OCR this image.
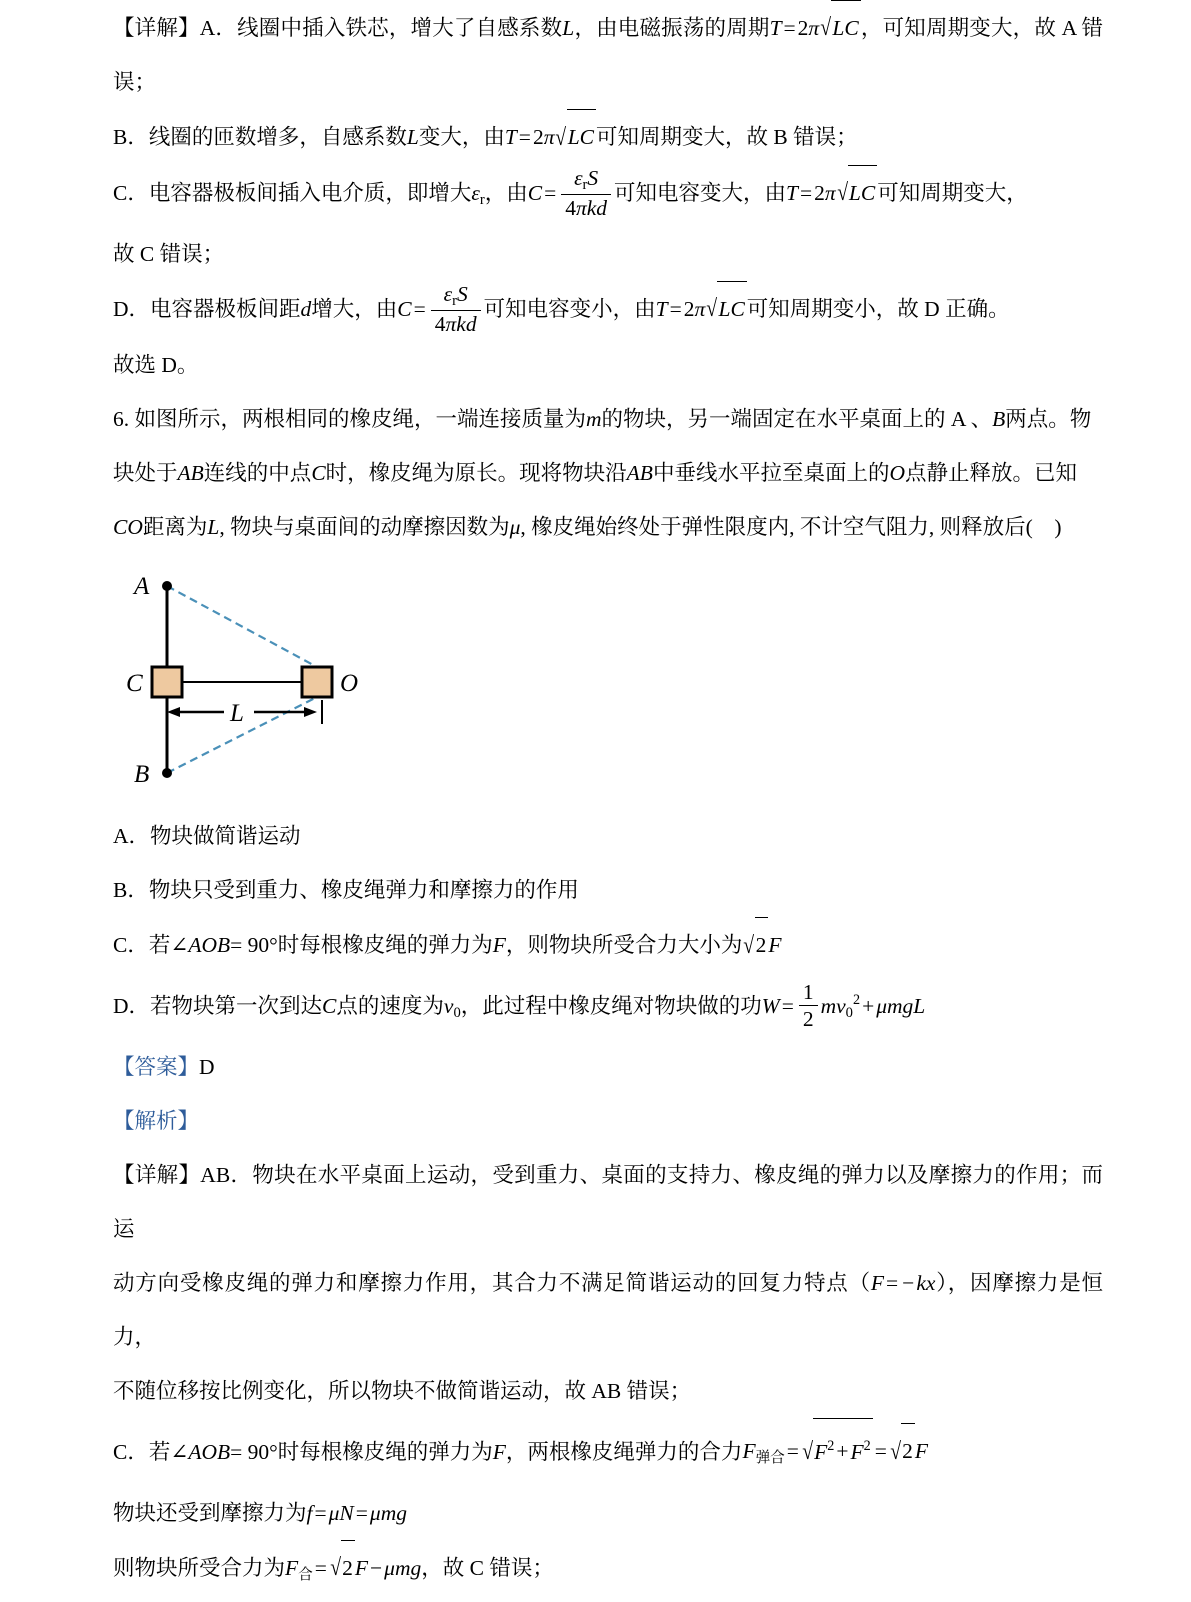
【详解】A．线圈中插入铁芯，增大了自感系数L，由电磁振荡的周期T=2π√LC，可知周期变大，故 A 错误；

B．线圈的匝数增多，自感系数L变大，由T=2π√LC可知周期变大，故 B 错误；

C．电容器极板间插入电介质，即增大$\varepsilon_r$，由$C= \frac{\varepsilon_rS}{\text{4πkd}}$ 可知电容变大，由T=2π√LC可知周期变大，

故 C 错误；

D．电容器极板间距d增大，由$C= \frac{\varepsilon_rS}{\text{4πkd}}$ 可知电容变小，由T=2π√LC可知周期变小，故 D 正确。

故选 D。

6. 如图所示，两根相同的橡皮绳，一端连接质量为m的物块，另一端固定在水平桌面上的 A 、B两点。物

块处于AB连线的中点C时，橡皮绳为原长。现将物块沿AB中垂线水平拉至桌面上的O点静止释放。已知

CO距离为L, 物块与桌面间的动摩擦因数为μ, 橡皮绳始终处于弹性限度内, 不计空气阻力, 则释放后( )

A
B
C	O
L

A．物块做简谐运动

B．物块只受到重力、橡皮绳弹力和摩擦力的作用

C．若∠AOB= 90°时每根橡皮绳的弹力为F，则物块所受合力大小为√2F

D．若物块第一次到达C点的速度为$v_0$，此过程中橡皮绳对物块做的功$W= \frac{1}{2} mv_0^2+\mu mgL$

【答案】D

【解析】

【详解】AB．物块在水平桌面上运动，受到重力、桌面的支持力、橡皮绳的弹力以及摩擦力的作用；而运

动方向受橡皮绳的弹力和摩擦力作用，其合力不满足简谐运动的回复力特点（F= −kx），因摩擦力是恒力，

不随位移按比例变化，所以物块不做简谐运动，故 AB 错误；

C．若∠AOB= 90°时每根橡皮绳的弹力为F，两根橡皮绳弹力的合力$F_{弹合}= √F^2+F^2 = √2F$

物块还受到摩擦力为f=μN=μmg

则物块所受合力为$F_合= √2F-\mu mg$，故 C 错误；
